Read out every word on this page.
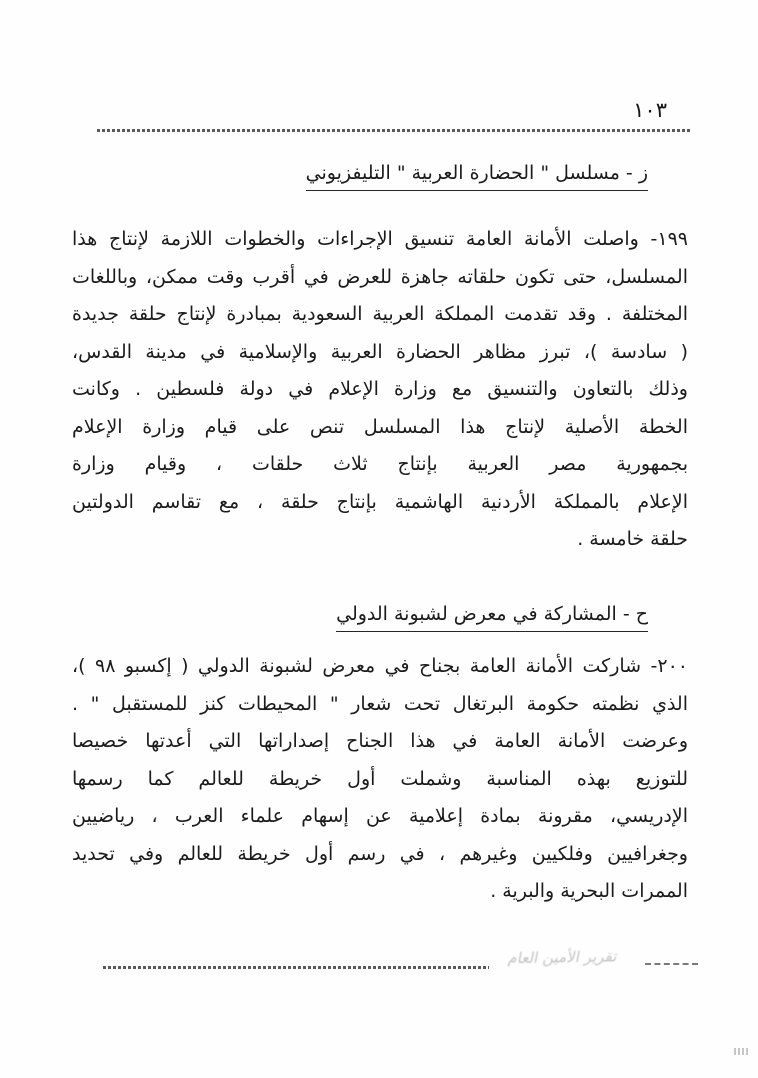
١٠٣
ز - مسلسل " الحضارة العربية " التليفزيوني
١٩٩- واصلت الأمانة العامة تنسيق الإجراءات والخطوات اللازمة لإنتاج هذا
المسلسل، حتى تكون حلقاته جاهزة للعرض في أقرب وقت ممكن، وباللغات
المختلفة . وقد تقدمت المملكة العربية السعودية بمبادرة لإنتاج حلقة جديدة
( سادسة )، تبرز مظاهر الحضارة العربية والإسلامية في مدينة القدس،
وذلك بالتعاون والتنسيق مع وزارة الإعلام في دولة فلسطين . وكانت
الخطة الأصلية لإنتاج هذا المسلسل تنص على قيام وزارة الإعلام
بجمهورية مصر العربية بإنتاج ثلاث حلقات ، وقيام وزارة
الإعلام بالمملكة الأردنية الهاشمية بإنتاج حلقة ، مع تقاسم الدولتين
حلقة خامسة .
ح - المشاركة في معرض لشبونة الدولي
٢٠٠- شاركت الأمانة العامة بجناح في معرض لشبونة الدولي ( إكسبو ٩٨ )،
الذي نظمته حكومة البرتغال تحت شعار " المحيطات كنز للمستقبل " .
وعرضت الأمانة العامة في هذا الجناح إصداراتها التي أعدتها خصيصا
للتوزيع بهذه المناسبة وشملت أول خريطة للعالم كما رسمها
الإدريسي، مقرونة بمادة إعلامية عن إسهام علماء العرب ، رياضيين
وجغرافيين وفلكيين وغيرهم ، في رسم أول خريطة للعالم وفي تحديد
الممرات البحرية والبرية .
تقرير الأمين العام
